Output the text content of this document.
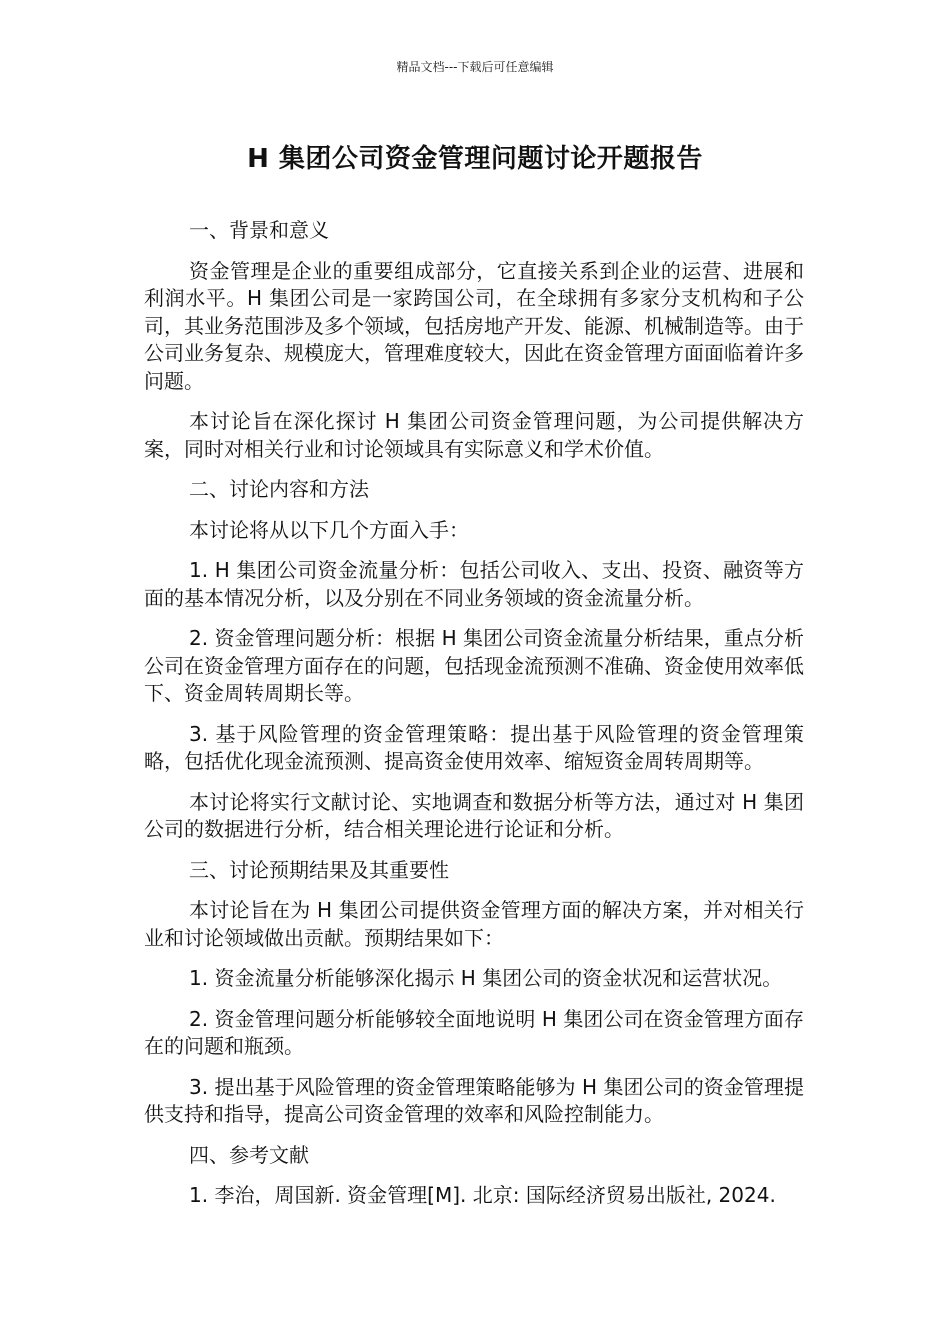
精品文档---下载后可任意编辑
H 集团公司资金管理问题讨论开题报告

一、背景和意义

资金管理是企业的重要组成部分，它直接关系到企业的运营、进展和利润水平。H 集团公司是一家跨国公司，在全球拥有多家分支机构和子公司，其业务范围涉及多个领域，包括房地产开发、能源、机械制造等。由于公司业务复杂、规模庞大，管理难度较大，因此在资金管理方面面临着许多问题。

本讨论旨在深化探讨 H 集团公司资金管理问题，为公司提供解决方案，同时对相关行业和讨论领域具有实际意义和学术价值。

二、讨论内容和方法

本讨论将从以下几个方面入手：

1. H 集团公司资金流量分析：包括公司收入、支出、投资、融资等方面的基本情况分析，以及分别在不同业务领域的资金流量分析。

2. 资金管理问题分析：根据 H 集团公司资金流量分析结果，重点分析公司在资金管理方面存在的问题，包括现金流预测不准确、资金使用效率低下、资金周转周期长等。

3. 基于风险管理的资金管理策略：提出基于风险管理的资金管理策略，包括优化现金流预测、提高资金使用效率、缩短资金周转周期等。

本讨论将实行文献讨论、实地调查和数据分析等方法，通过对 H 集团公司的数据进行分析，结合相关理论进行论证和分析。

三、讨论预期结果及其重要性

本讨论旨在为 H 集团公司提供资金管理方面的解决方案，并对相关行业和讨论领域做出贡献。预期结果如下：

1. 资金流量分析能够深化揭示 H 集团公司的资金状况和运营状况。

2. 资金管理问题分析能够较全面地说明 H 集团公司在资金管理方面存在的问题和瓶颈。

3. 提出基于风险管理的资金管理策略能够为 H 集团公司的资金管理提供支持和指导，提高公司资金管理的效率和风险控制能力。

四、参考文献

1. 李治，周国新. 资金管理[M]. 北京: 国际经济贸易出版社, 2024.
